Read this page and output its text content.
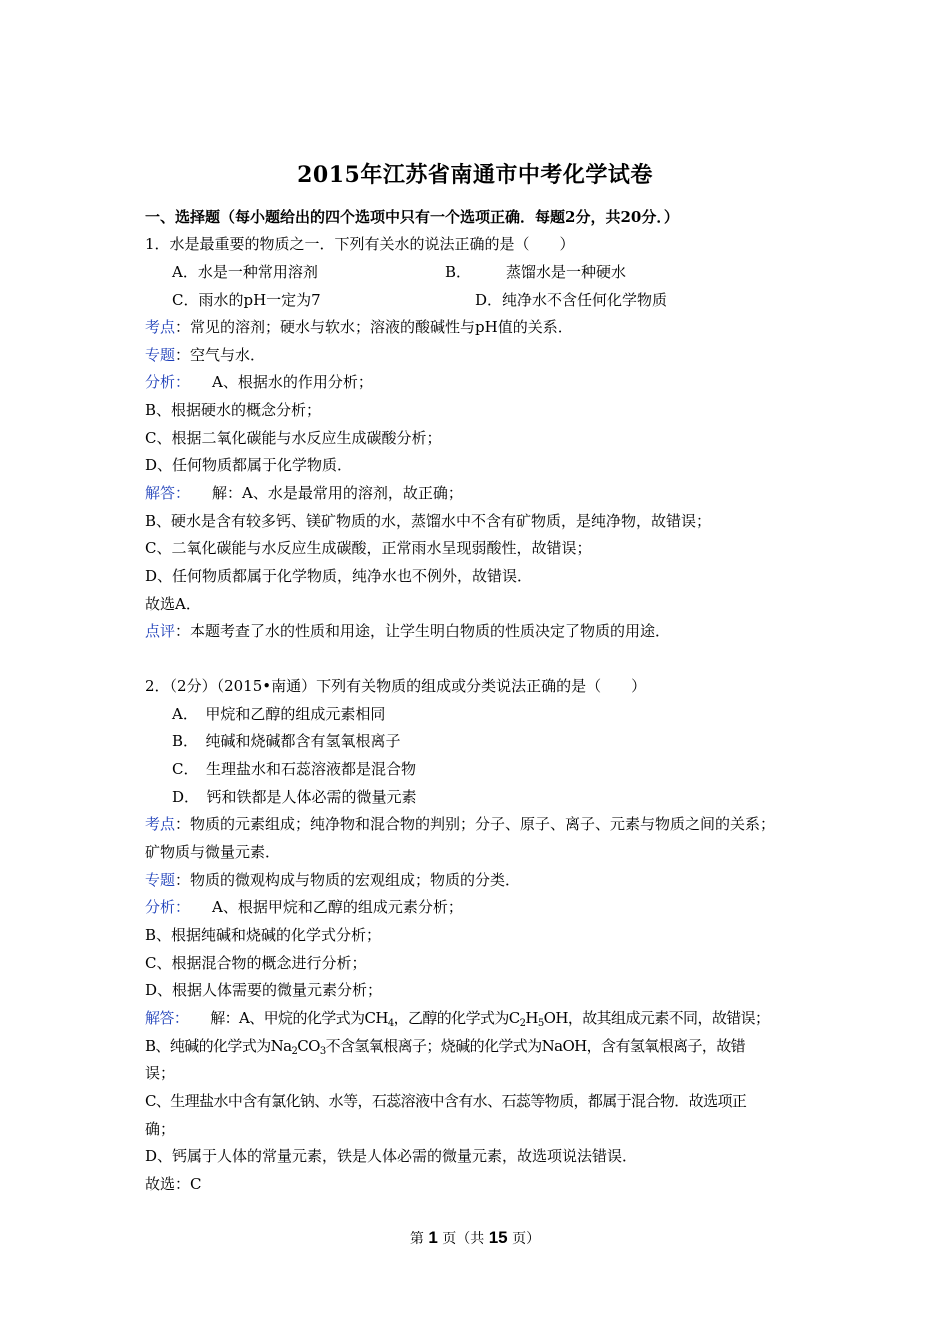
2015年江苏省南通市中考化学试卷
一、选择题（每小题给出的四个选项中只有一个选项正确．每题2分，共20分．）
1．水是最重要的物质之一．下列有关水的说法正确的是（　　）
A．水是一种常用溶剂	B． 蒸馏水是一种硬水
C．雨水的pH一定为7	D．纯净水不含任何化学物质
考点：常见的溶剂；硬水与软水；溶液的酸碱性与pH值的关系．
专题：空气与水．
分析： A、根据水的作用分析；
B、根据硬水的概念分析；
C、根据二氧化碳能与水反应生成碳酸分析；
D、任何物质都属于化学物质．
解答： 解：A、水是最常用的溶剂，故正确；
B、硬水是含有较多钙、镁矿物质的水，蒸馏水中不含有矿物质，是纯净物，故错误；
C、二氧化碳能与水反应生成碳酸，正常雨水呈现弱酸性，故错误；
D、任何物质都属于化学物质，纯净水也不例外，故错误．
故选A．
点评：本题考查了水的性质和用途，让学生明白物质的性质决定了物质的用途．
2．（2分）（2015•南通）下列有关物质的组成或分类说法正确的是（　　）
A．　甲烷和乙醇的组成元素相同
B．　纯碱和烧碱都含有氢氧根离子
C．　生理盐水和石蕊溶液都是混合物
D．　钙和铁都是人体必需的微量元素
考点：物质的元素组成；纯净物和混合物的判别；分子、原子、离子、元素与物质之间的关系；
矿物质与微量元素．
专题：物质的微观构成与物质的宏观组成；物质的分类．
分析： A、根据甲烷和乙醇的组成元素分析；
B、根据纯碱和烧碱的化学式分析；
C、根据混合物的概念进行分析；
D、根据人体需要的微量元素分析；
解答： 解：A、甲烷的化学式为$CH_4$，乙醇的化学式为$C_2H_5OH$，故其组成元素不同，故错误；
B、纯碱的化学式为$Na_2CO_3$不含氢氧根离子；烧碱的化学式为NaOH，含有氢氧根离子，故错
误；
C、生理盐水中含有氯化钠、水等，石蕊溶液中含有水、石蕊等物质，都属于混合物．故选项正
确；
D、钙属于人体的常量元素，铁是人体必需的微量元素，故选项说法错误．
故选：C
第 1 页（共 15 页）
